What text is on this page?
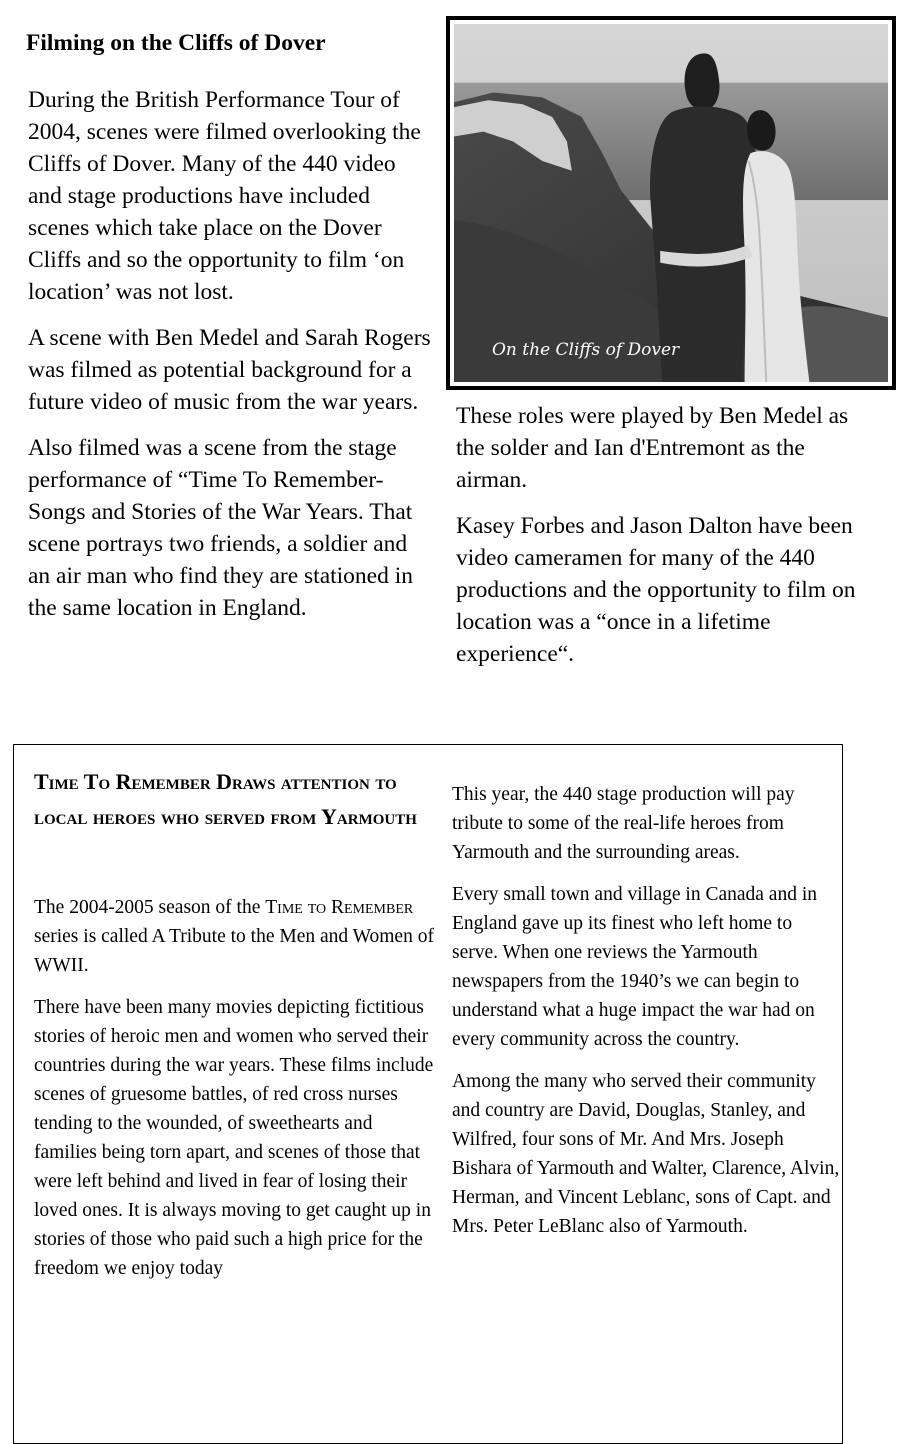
Filming on the Cliffs of Dover

During the British Performance Tour of 2004, scenes were filmed overlooking the Cliffs of Dover. Many of the 440 video and stage productions have included scenes which take place on the Dover Cliffs and so the opportunity to film ‘on location’ was not lost.

A scene with Ben Medel and Sarah Rogers was filmed as potential background for a future video of music from the war years.

Also filmed was a scene from the stage performance of “Time To Remember- Songs and Stories of the War Years. That scene portrays two friends, a soldier and an air man who find they are stationed in the same location in England.

On the Cliffs of Dover

These roles were played by Ben Medel as the solder and Ian d'Entremont as the airman.

Kasey Forbes and Jason Dalton have been video cameramen for many of the 440 productions and the opportunity to film on location was a “once in a lifetime experience“.

Time To Remember Draws attention to local heroes who served from Yarmouth

The 2004-2005 season of the Time to Remember series is called A Tribute to the Men and Women of WWII.

There have been many movies depicting fictitious stories of heroic men and women who served their countries during the war years. These films include scenes of gruesome battles, of red cross nurses tending to the wounded, of sweethearts and families being torn apart, and scenes of those that were left behind and lived in fear of losing their loved ones. It is always moving to get caught up in stories of those who paid such a high price for the freedom we enjoy today

This year, the 440 stage production will pay tribute to some of the real-life heroes from Yarmouth and the surrounding areas.

Every small town and village in Canada and in England gave up its finest who left home to serve. When one reviews the Yarmouth newspapers from the 1940’s we can begin to understand what a huge impact the war had on every community across the country.

Among the many who served their community and country are David, Douglas, Stanley, and Wilfred, four sons of Mr. And Mrs. Joseph Bishara of Yarmouth and Walter, Clarence, Alvin, Herman, and Vincent Leblanc, sons of Capt. and Mrs. Peter LeBlanc also of Yarmouth.
